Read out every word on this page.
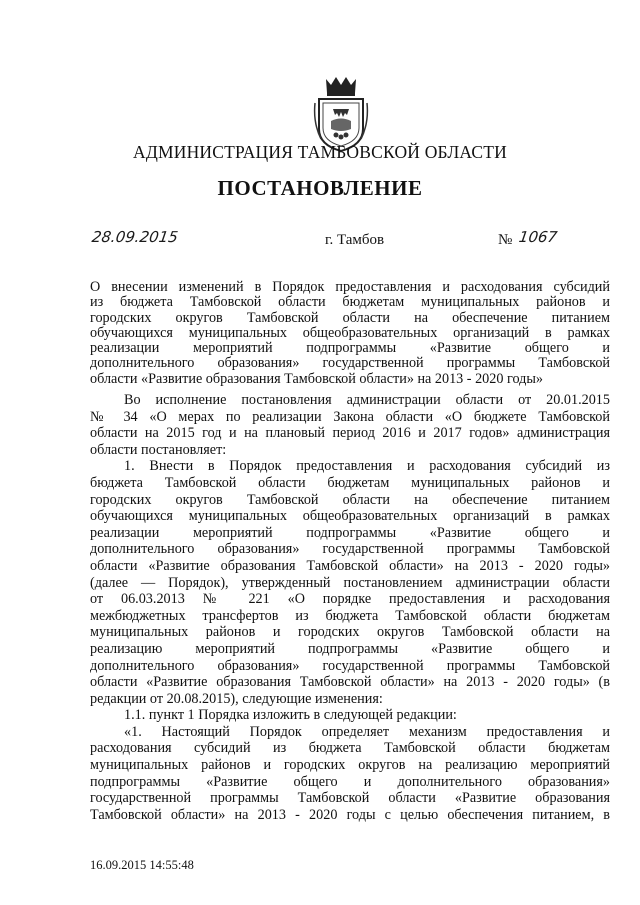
АДМИНИСТРАЦИЯ ТАМБОВСКОЙ ОБЛАСТИ
ПОСТАНОВЛЕНИЕ
28.09.2015	г. Тамбов	№ 1067
О внесении изменений в Порядок предоставления и расходования субсидий
из бюджета Тамбовской области бюджетам муниципальных районов и
городских округов Тамбовской области на обеспечение питанием
обучающихся муниципальных общеобразовательных организаций в рамках
реализации мероприятий подпрограммы «Развитие общего и
дополнительного образования» государственной программы Тамбовской
области «Развитие образования Тамбовской области» на 2013 - 2020 годы»
Во исполнение постановления администрации области от 20.01.2015
№ 34 «О мерах по реализации Закона области «О бюджете Тамбовской
области на 2015 год и на плановый период 2016 и 2017 годов» администрация
области постановляет:
1. Внести в Порядок предоставления и расходования субсидий из
бюджета Тамбовской области бюджетам муниципальных районов и
городских округов Тамбовской области на обеспечение питанием
обучающихся муниципальных общеобразовательных организаций в рамках
реализации мероприятий подпрограммы «Развитие общего и
дополнительного образования» государственной программы Тамбовской
области «Развитие образования Тамбовской области» на 2013 - 2020 годы»
(далее — Порядок), утвержденный постановлением администрации области
от 06.03.2013 № 221 «О порядке предоставления и расходования
межбюджетных трансфертов из бюджета Тамбовской области бюджетам
муниципальных районов и городских округов Тамбовской области на
реализацию мероприятий подпрограммы «Развитие общего и
дополнительного образования» государственной программы Тамбовской
области «Развитие образования Тамбовской области» на 2013 - 2020 годы» (в
редакции от 20.08.2015), следующие изменения:
1.1. пункт 1 Порядка изложить в следующей редакции:
«1. Настоящий Порядок определяет механизм предоставления и
расходования субсидий из бюджета Тамбовской области бюджетам
муниципальных районов и городских округов на реализацию мероприятий
подпрограммы «Развитие общего и дополнительного образования»
государственной программы Тамбовской области «Развитие образования
Тамбовской области» на 2013 - 2020 годы с целью обеспечения питанием, в
16.09.2015 14:55:48
